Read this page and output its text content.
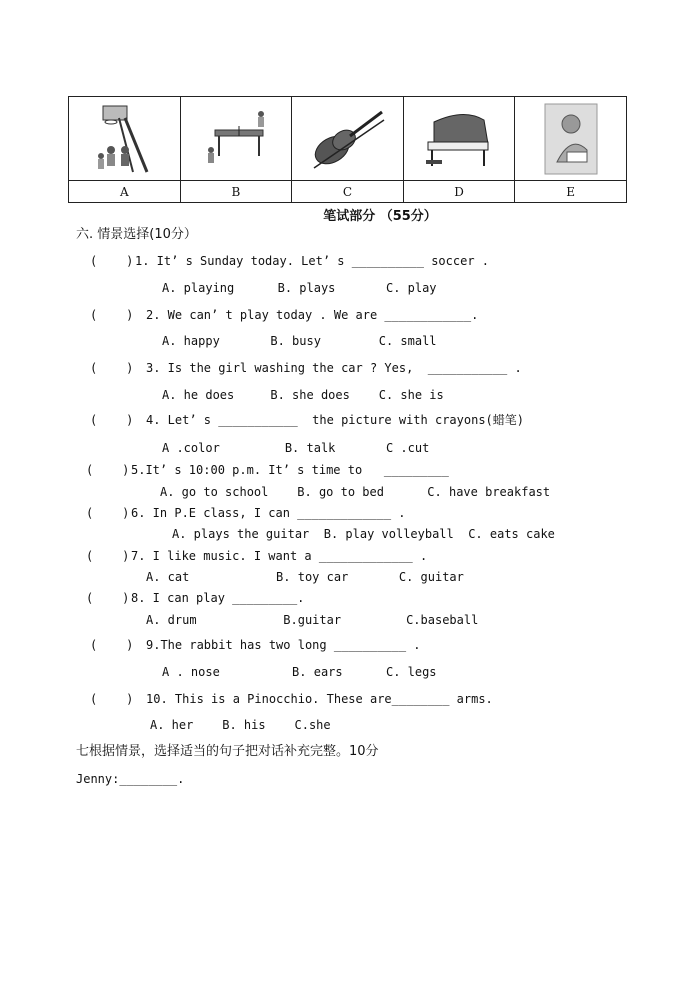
A	B	C	D	E
笔试部分 （55分）
六. 情景选择(10分）
(    ) 1. It’ s Sunday today. Let’ s __________ soccer .
A. playing      B. plays       C. play
(    ) 2. We can’ t play today . We are ____________.
A. happy       B. busy        C. small
(    ) 3. Is the girl washing the car ? Yes,  ___________ .
A. he does     B. she does    C. she is
(    ) 4. Let’ s ___________  the picture with crayons(蜡笔)
A .color         B. talk       C .cut
(    ) 5.It’ s 10:00 p.m. It’ s time to   _________
A. go to school    B. go to bed      C. have breakfast
(    ) 6. In P.E class, I can _____________ .
A. plays the guitar  B. play volleyball  C. eats cake
(    ) 7. I like music. I want a _____________ .
A. cat            B. toy car       C. guitar
(    ) 8. I can play _________.
A. drum            B.guitar         C.baseball
(    ) 9.The rabbit has two long __________ .
A . nose          B. ears      C. legs
(    ) 10. This is a Pinocchio. These are________ arms.
A. her    B. his    C.she
七根据情景，选择适当的句子把对话补充完整。10分
Jenny:________.
